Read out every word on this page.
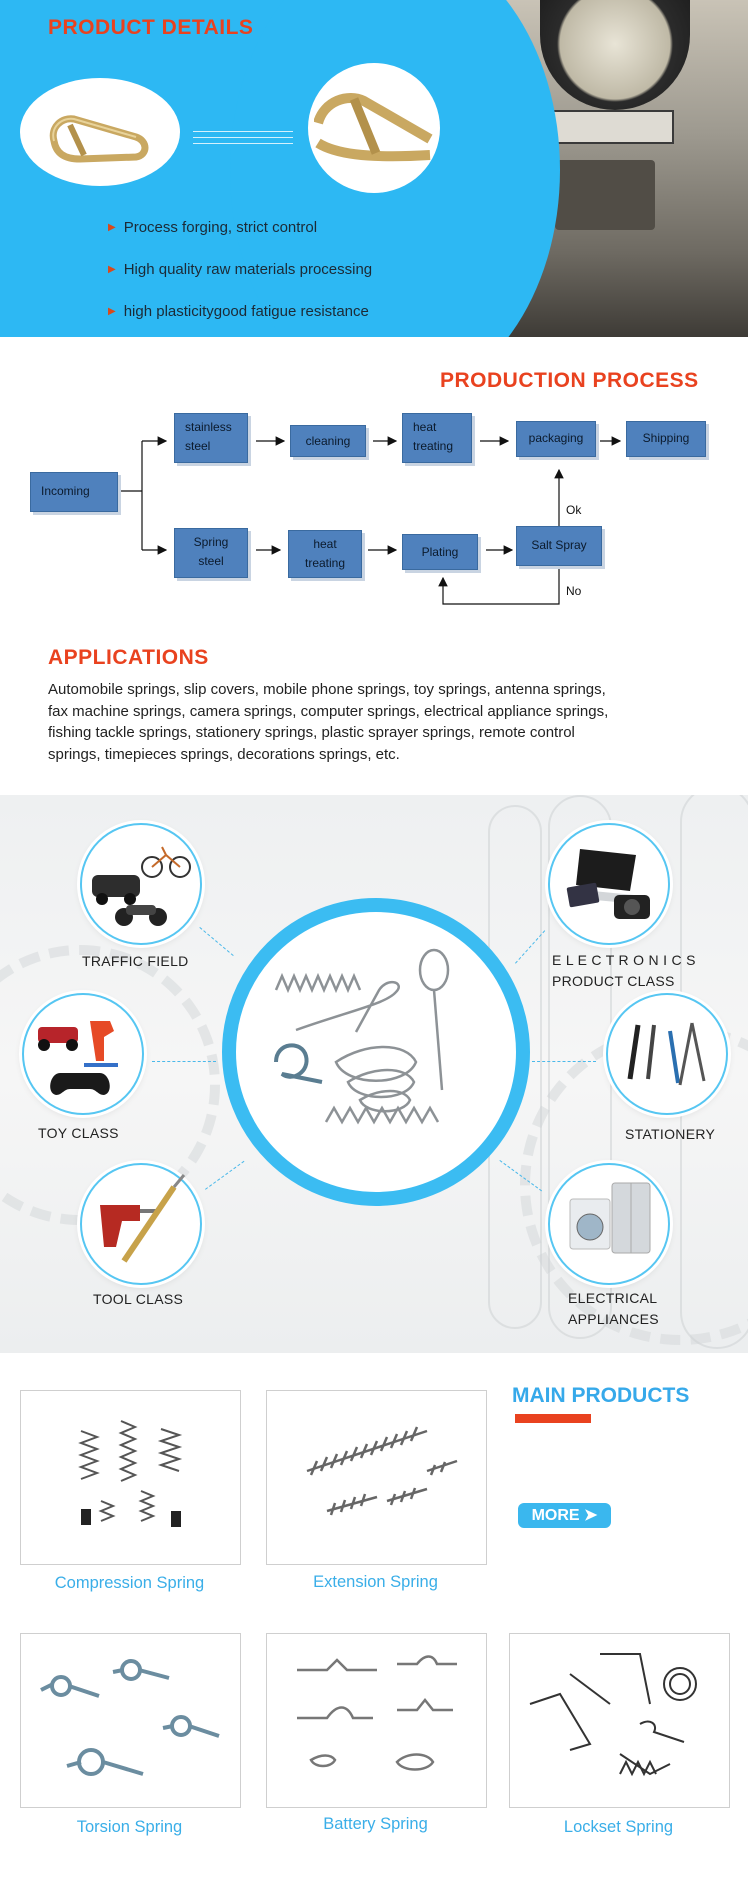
PRODUCT DETAILS
▶ Process forging, strict control
▶ High quality raw materials processing
▶ high plasticitygood fatigue resistance
PRODUCTION PROCESS
Incoming
stainless
steel	cleaning
heat
treating
packaging	Shipping
Spring
steel
heat
treating
Plating	Salt Spray
Ok
No
APPLICATIONS
Automobile springs, slip covers, mobile phone springs, toy springs, antenna springs,
fax machine springs, camera springs, computer springs, electrical appliance springs,
fishing tackle springs, stationery springs, plastic sprayer springs, remote control
springs, timepieces springs, decorations springs, etc.
TRAFFIC FIELD	E L E C T R O N I C S
PRODUCT CLASS
TOY CLASS	STATIONERY
TOOL CLASS	ELECTRICAL
APPLIANCES
MAIN PRODUCTS
MORE ➤
Compression Spring	Extension Spring
Torsion Spring	Battery Spring	Lockset Spring
